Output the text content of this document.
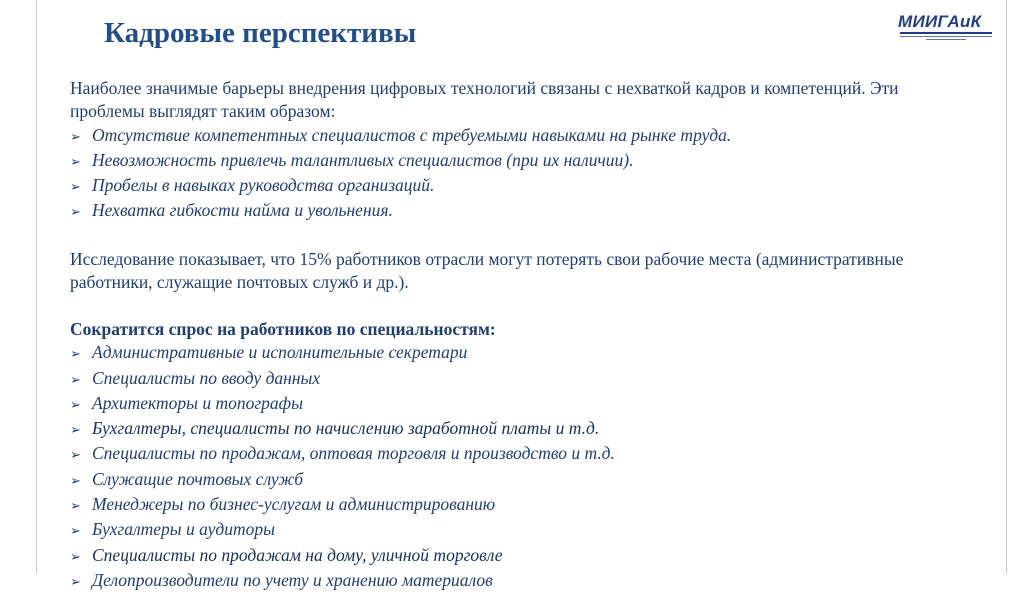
Кадровые перспективы	МИИГАиК

Наиболее значимые барьеры внедрения цифровых технологий связаны с нехваткой кадров и компетенций. Эти проблемы выглядят таким образом:

➢ Отсутствие компетентных специалистов с требуемыми навыками на рынке труда.
➢ Невозможность привлечь талантливых специалистов (при их наличии).
➢ Пробелы в навыках руководства организаций.
➢ Нехватка гибкости найма и увольнения.

Исследование показывает, что 15% работников отрасли могут потерять свои рабочие места (административные работники, служащие почтовых служб и др.).

Сократится спрос на работников по специальностям:

➢ Административные и исполнительные секретари
➢ Специалисты по вводу данных
➢ Архитекторы и топографы
➢ Бухгалтеры, специалисты по начислению заработной платы и т.д.
➢ Специалисты по продажам, оптовая торговля и производство и т.д.
➢ Служащие почтовых служб
➢ Менеджеры по бизнес-услугам и администрированию
➢ Бухгалтеры и аудиторы
➢ Специалисты по продажам на дому, уличной торговле
➢ Делопроизводители по учету и хранению материалов
